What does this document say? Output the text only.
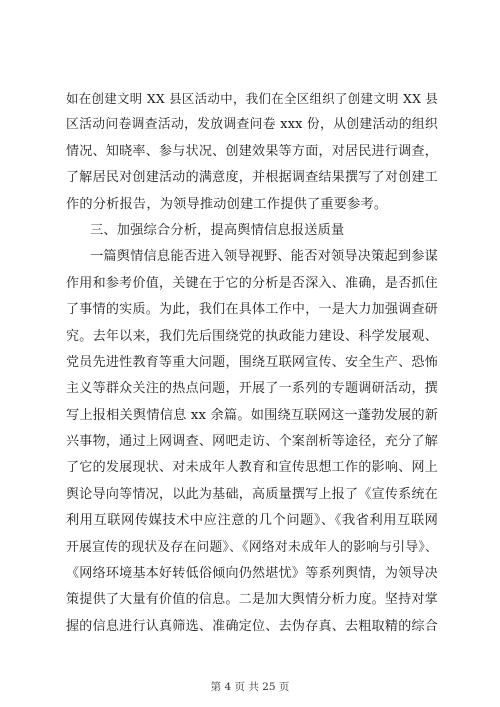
如在创建文明 XX 县区活动中，我们在全区组织了创建文明 XX 县
区活动问卷调查活动，发放调查问卷 xxx 份，从创建活动的组织
情况、知晓率、参与状况、创建效果等方面，对居民进行调查，
了解居民对创建活动的满意度，并根据调查结果撰写了对创建工
作的分析报告，为领导推动创建工作提供了重要参考。
三、加强综合分析，提高舆情信息报送质量
一篇舆情信息能否进入领导视野、能否对领导决策起到参谋
作用和参考价值，关键在于它的分析是否深入、准确，是否抓住
了事情的实质。为此，我们在具体工作中，一是大力加强调查研
究。去年以来，我们先后围绕党的执政能力建设、科学发展观、
党员先进性教育等重大问题，围绕互联网宣传、安全生产、恐怖
主义等群众关注的热点问题，开展了一系列的专题调研活动，撰
写上报相关舆情信息 xx 余篇。如围绕互联网这一蓬勃发展的新
兴事物，通过上网调查、网吧走访、个案剖析等途径，充分了解
了它的发展现状、对未成年人教育和宣传思想工作的影响、网上
舆论导向等情况，以此为基础，高质量撰写上报了《宣传系统在
利用互联网传媒技术中应注意的几个问题》、《我省利用互联网
开展宣传的现状及存在问题》、《网络对未成年人的影响与引导》、
《网络环境基本好转低俗倾向仍然堪忧》等系列舆情，为领导决
策提供了大量有价值的信息。二是加大舆情分析力度。坚持对掌
握的信息进行认真筛选、准确定位、去伪存真、去粗取精的综合
第 4 页 共 25 页
